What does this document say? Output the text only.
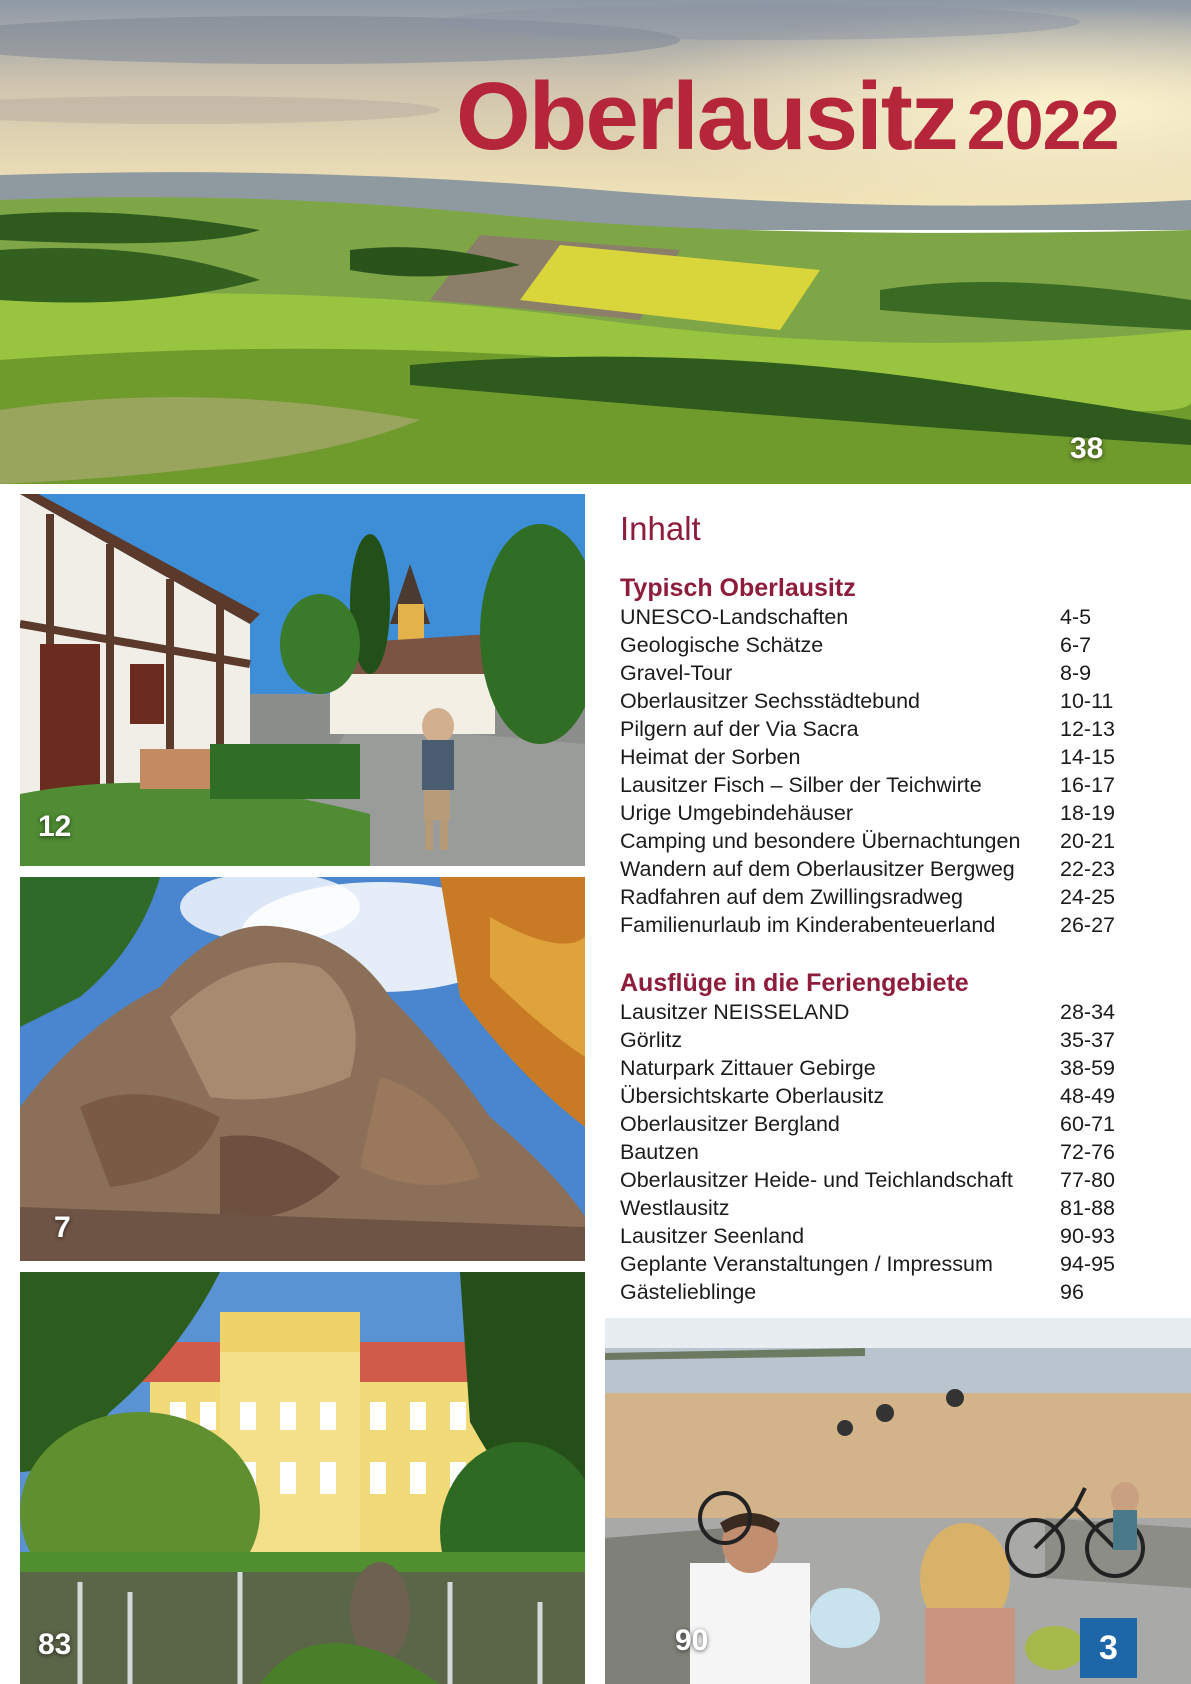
38
Oberlausitz 2022
12
7
83	90
Inhalt
Typisch Oberlausitz
UNESCO-Landschaften	4-5
Geologische Schätze	6-7
Gravel-Tour	8-9
Oberlausitzer Sechsstädtebund	10-11
Pilgern auf der Via Sacra	12-13
Heimat der Sorben	14-15
Lausitzer Fisch – Silber der Teichwirte	16-17
Urige Umgebindehäuser	18-19
Camping und besondere Übernachtungen 20-21
Wandern auf dem Oberlausitzer Bergweg 22-23
Radfahren auf dem Zwillingsradweg	24-25
Familienurlaub im Kinderabenteuerland	26-27
Ausflüge in die Feriengebiete
Lausitzer NEISSELAND	28-34
Görlitz	35-37
Naturpark Zittauer Gebirge	38-59
Übersichtskarte Oberlausitz	48-49
Oberlausitzer Bergland	60-71
Bautzen	72-76
Oberlausitzer Heide- und Teichlandschaft 77-80
Westlausitz	81-88
Lausitzer Seenland	90-93
Geplante Veranstaltungen / Impressum	94-95
Gästelieblinge	96
3
